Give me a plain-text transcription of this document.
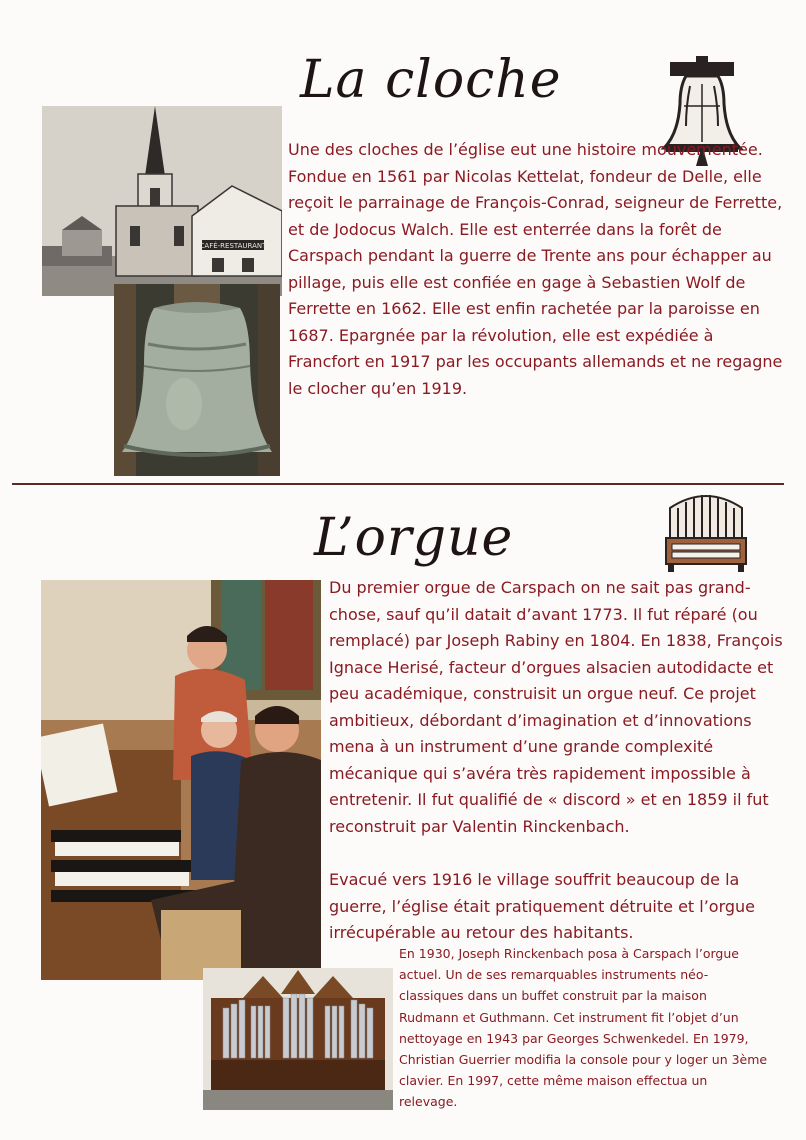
La cloche
CAFÉ-RESTAURANT

Une des cloches de l’église eut une histoire mouvementée. Fondue en 1561 par Nicolas Kettelat, fondeur de Delle, elle reçoit le parrainage de François-Conrad, seigneur de Ferrette, et de Jodocus Walch. Elle est enterrée dans la forêt de Carspach pendant la guerre de Trente ans pour échapper au pillage, puis elle est confiée en gage à Sebastien Wolf de Ferrette en 1662. Elle est enfin rachetée par la paroisse en 1687. Epargnée par la révolution, elle est expédiée à Francfort en 1917 par les occupants allemands et ne regagne le clocher qu’en 1919.

L’orgue

Du premier orgue de Carspach on ne sait pas grand-chose, sauf qu’il datait d’avant 1773. Il fut réparé (ou remplacé) par Joseph Rabiny en 1804. En 1838, François Ignace Herisé, facteur d’orgues alsacien autodidacte et peu académique, construisit un orgue neuf. Ce projet ambitieux, débordant d’imagination et d’innovations mena à un instrument d’une grande complexité mécanique qui s’avéra très rapidement impossible à entretenir. Il fut qualifié de « discord » et en 1859 il fut reconstruit par Valentin Rinckenbach.

Evacué vers 1916 le village souffrit beaucoup de la guerre, l’église était pratiquement détruite et l’orgue irrécupérable au retour des habitants.

En 1930, Joseph Rinckenbach posa à Carspach l’orgue actuel. Un de ses remarquables instruments néo-classiques dans un buffet construit par la maison Rudmann et Guthmann. Cet instrument fit l’objet d’un nettoyage en 1943 par Georges Schwenkedel. En 1979, Christian Guerrier modifia la console pour y loger un 3ème clavier. En 1997, cette même maison effectua un relevage.
